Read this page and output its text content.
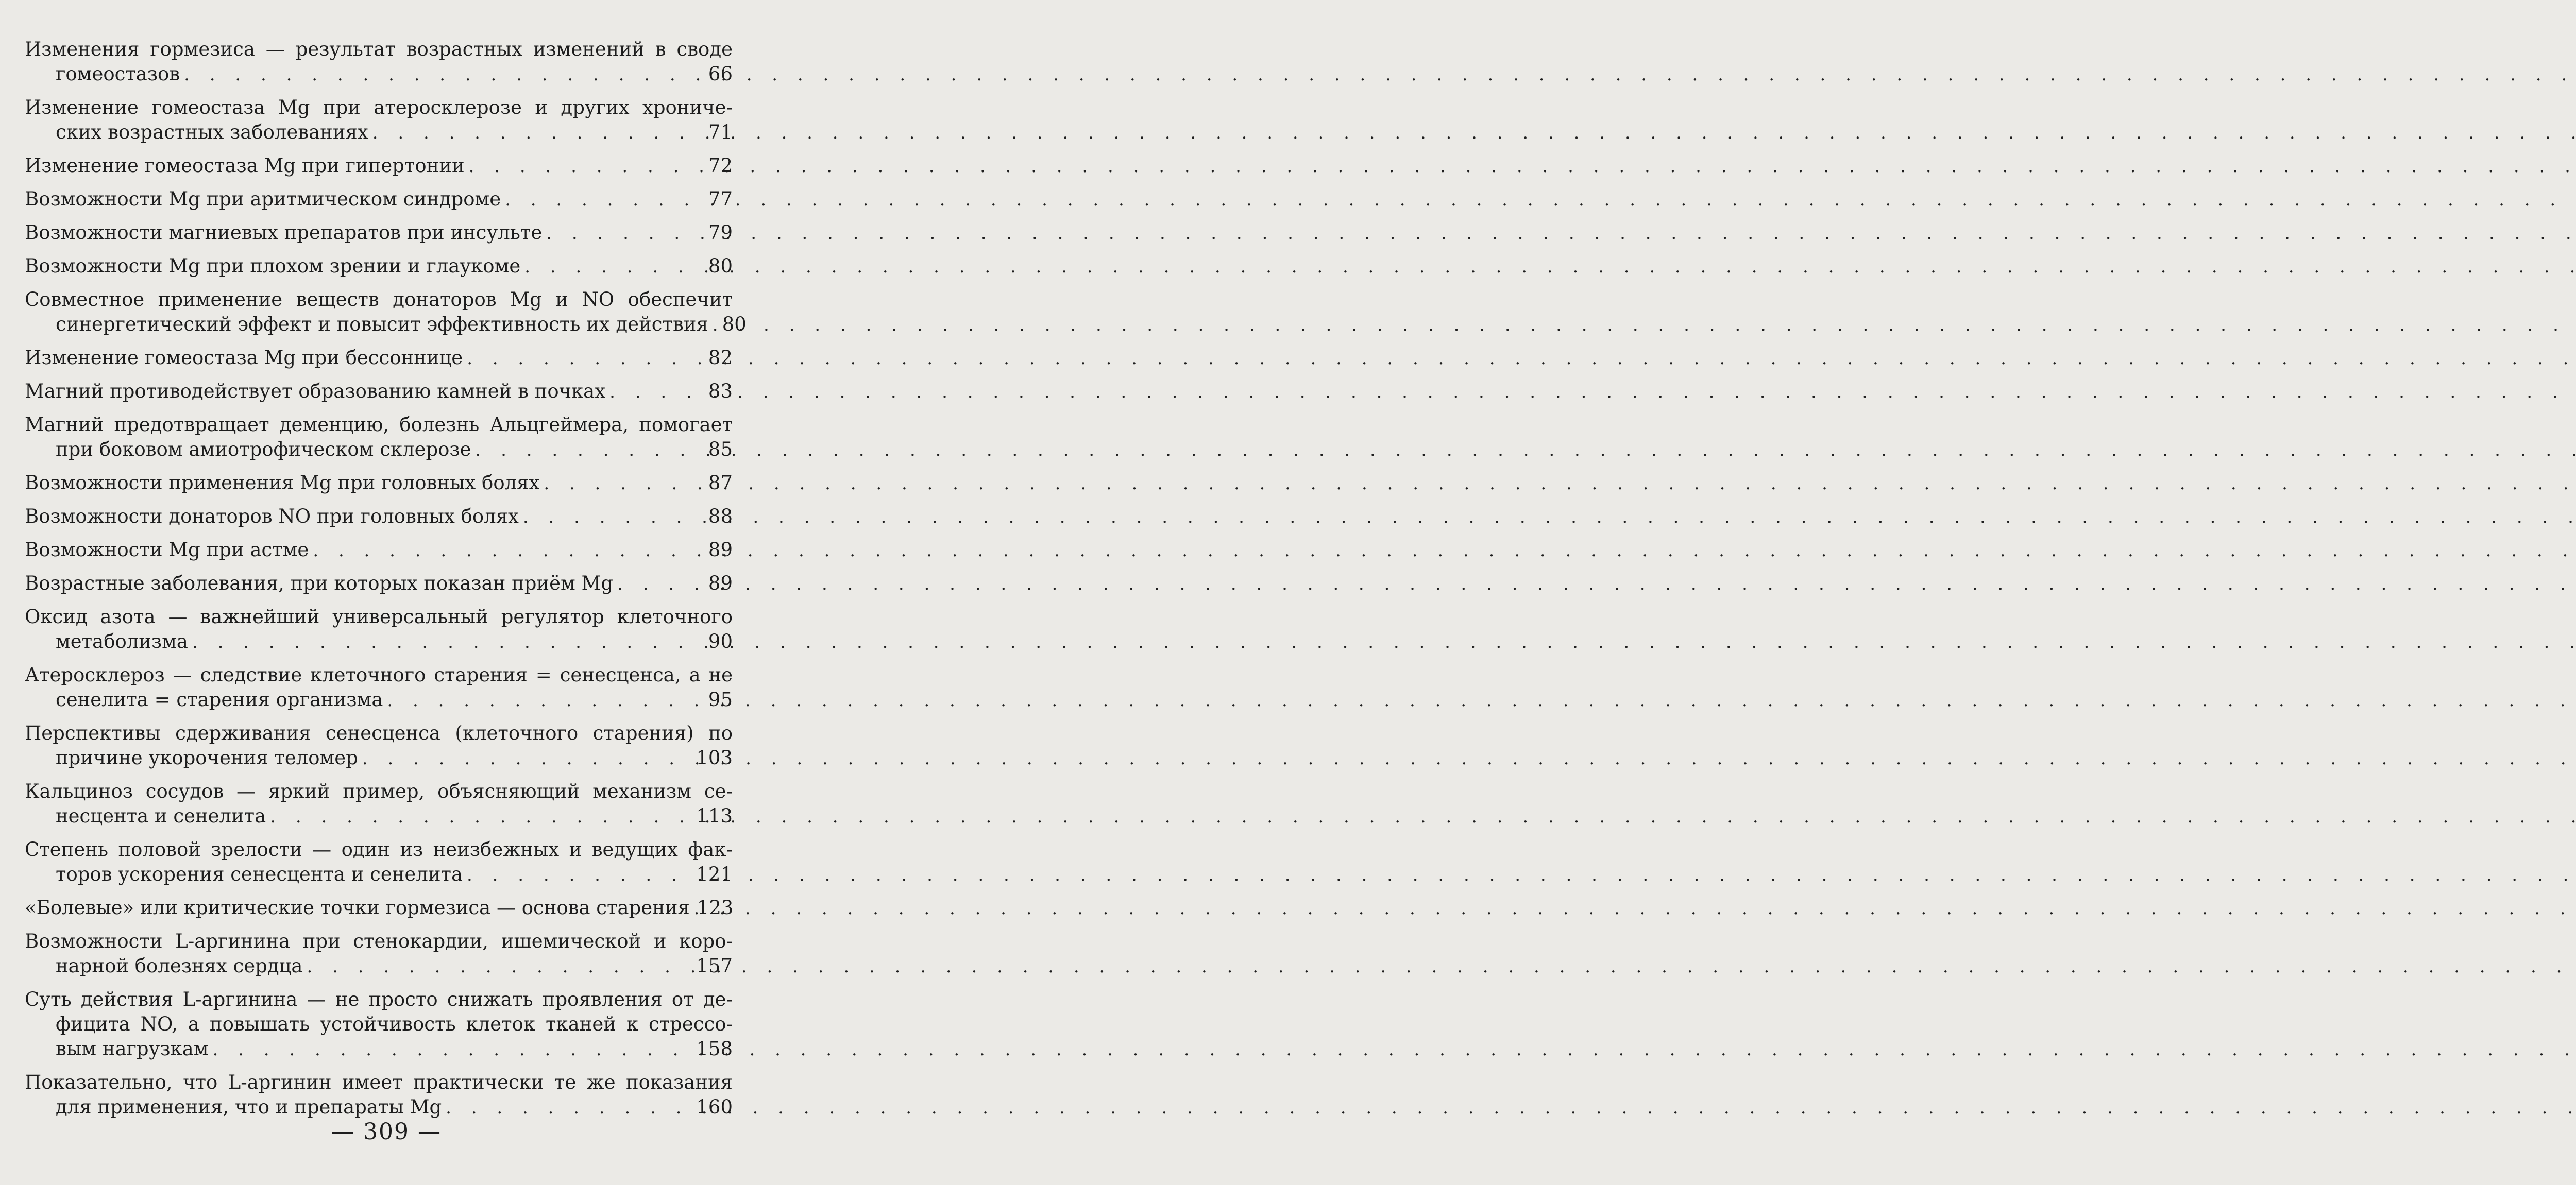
Изменения гормезиса — результат возрастных изменений в своде
гомеостазов . . .	66
Изменение гомеостаза Mg при атеросклерозе и других хрониче-
ских возрастных заболеваниях . . .	71
Изменение гомеостаза Mg при гипертонии . . .	72
Возможности Mg при аритмическом синдроме . . .	77
Возможности магниевых препаратов при инсульте . . .	79
Возможности Mg при плохом зрении и глаукоме . . .	80
Совместное применение веществ донаторов Mg и NO обеспечит
синергетический эффект и повысит эффективность их действия . . . 80
Изменение гомеостаза Mg при бессоннице . . .	82
Магний противодействует образованию камней в почках . . .	83
Магний предотвращает деменцию, болезнь Альцгеймера, помогает
при боковом амиотрофическом склерозе . . .	85
Возможности применения Mg при головных болях . . .	87
Возможности донаторов NO при головных болях . . .	88
Возможности Mg при астме . . .	89
Возрастные заболевания, при которых показан приём Mg . . .	89
Оксид азота — важнейший универсальный регулятор клеточного
метаболизма . . .	90
Атеросклероз — следствие клеточного старения = сенесценса, а не
сенелита = старения организма . . .	95
Перспективы сдерживания сенесценса (клеточного старения) по
причине укорочения теломер . . .	103
Кальциноз сосудов — яркий пример, объясняющий механизм се-
несцента и сенелита . . .	113
Степень половой зрелости — один из неизбежных и ведущих фак-
торов ускорения сенесцента и сенелита . . .	121
«Болевые» или критические точки гормезиса — основа старения . . . 123
Возможности L-аргинина при стенокардии, ишемической и коро-
нарной болезнях сердца . . .	157
Суть действия L-аргинина — не просто снижать проявления от де-
фицита NO, а повышать устойчивость клеток тканей к стрессо-
вым нагрузкам . . .	158
Показательно, что L-аргинин имеет практически те же показания
для применения, что и препараты Mg . . .	160
— 309 —
